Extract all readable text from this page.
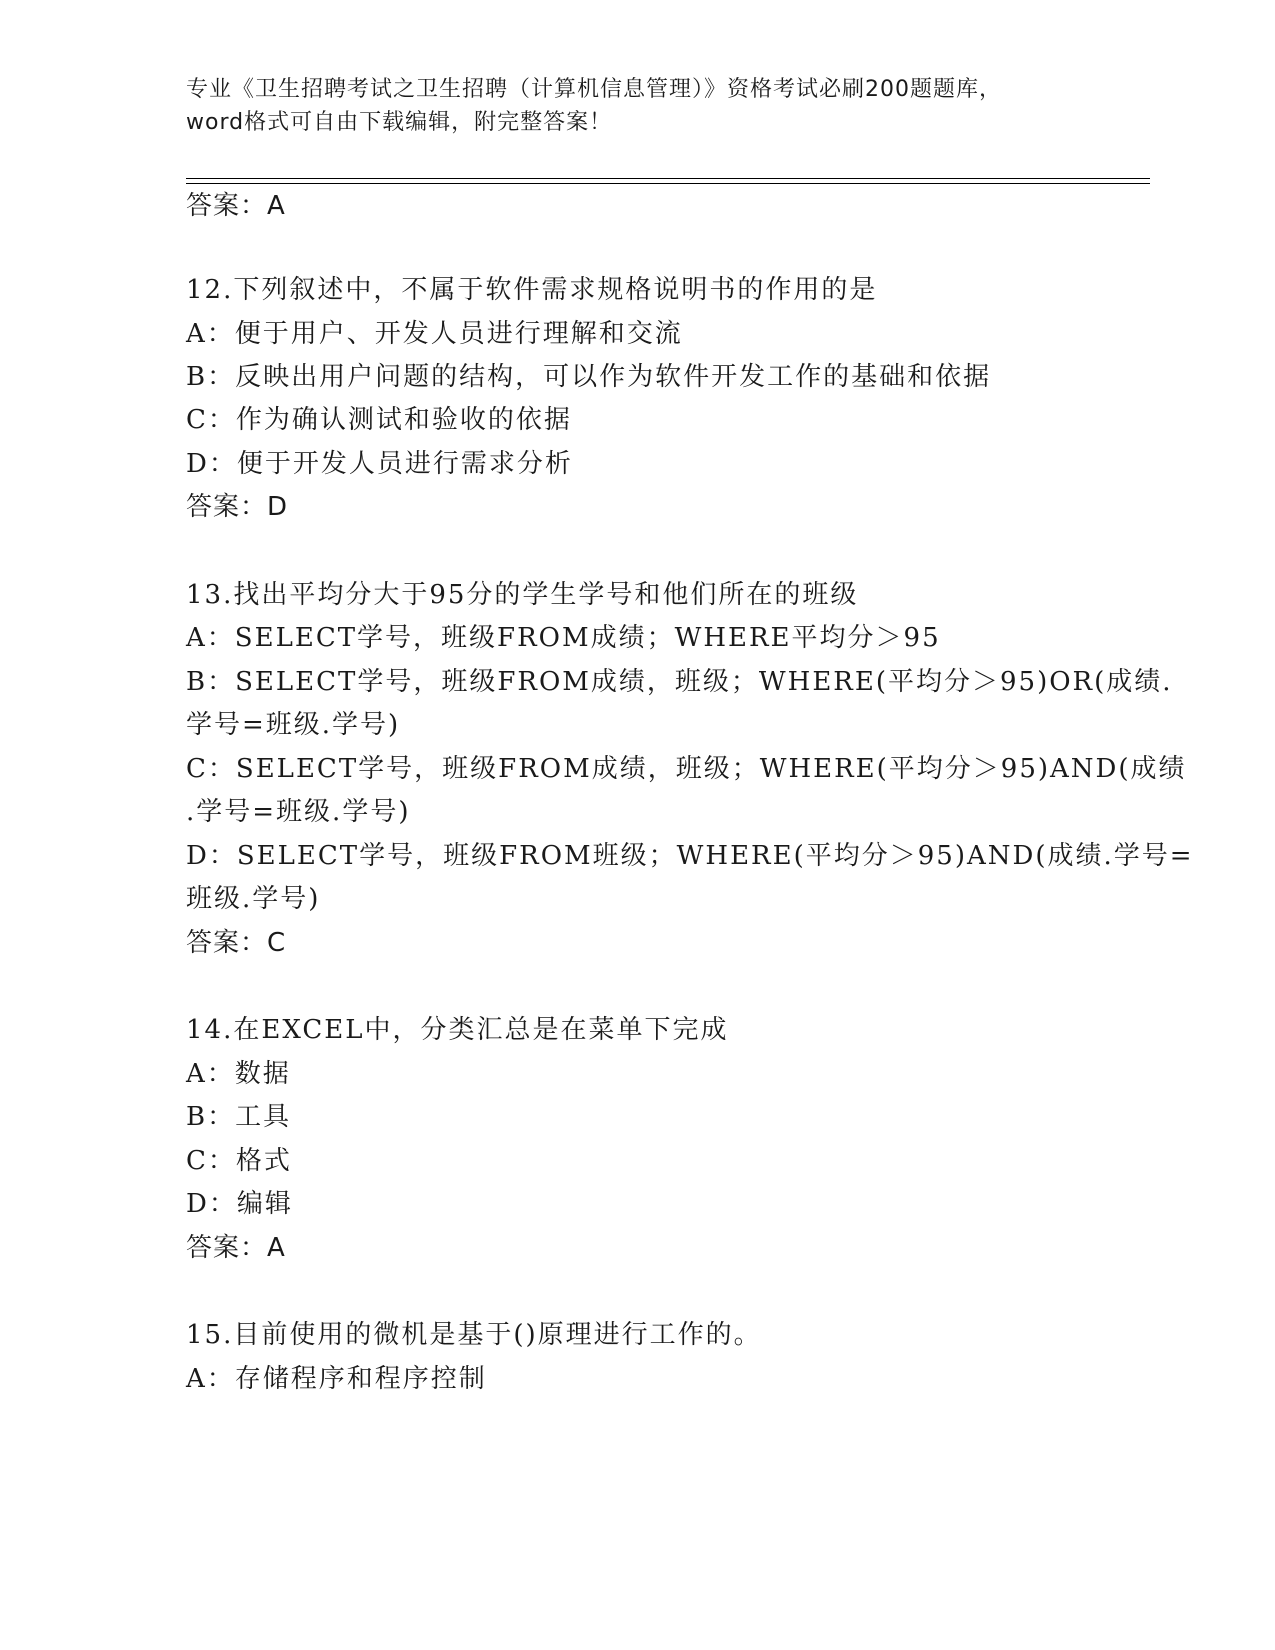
专业《卫生招聘考试之卫生招聘（计算机信息管理）》资格考试必刷200题题库，
word格式可自由下载编辑，附完整答案！
答案：A
12.下列叙述中，不属于软件需求规格说明书的作用的是
A：便于用户、开发人员进行理解和交流
B：反映出用户问题的结构，可以作为软件开发工作的基础和依据
C：作为确认测试和验收的依据
D：便于开发人员进行需求分析
答案：D
13.找出平均分大于95分的学生学号和他们所在的班级
A：SELECT学号，班级FROM成绩；WHERE平均分＞95
B：SELECT学号，班级FROM成绩，班级；WHERE(平均分＞95)OR(成绩.
学号=班级.学号)
C：SELECT学号，班级FROM成绩，班级；WHERE(平均分＞95)AND(成绩
.学号=班级.学号)
D：SELECT学号，班级FROM班级；WHERE(平均分＞95)AND(成绩.学号=
班级.学号)
答案：C
14.在EXCEL中，分类汇总是在菜单下完成
A：数据
B：工具
C：格式
D：编辑
答案：A
15.目前使用的微机是基于()原理进行工作的。
A：存储程序和程序控制
